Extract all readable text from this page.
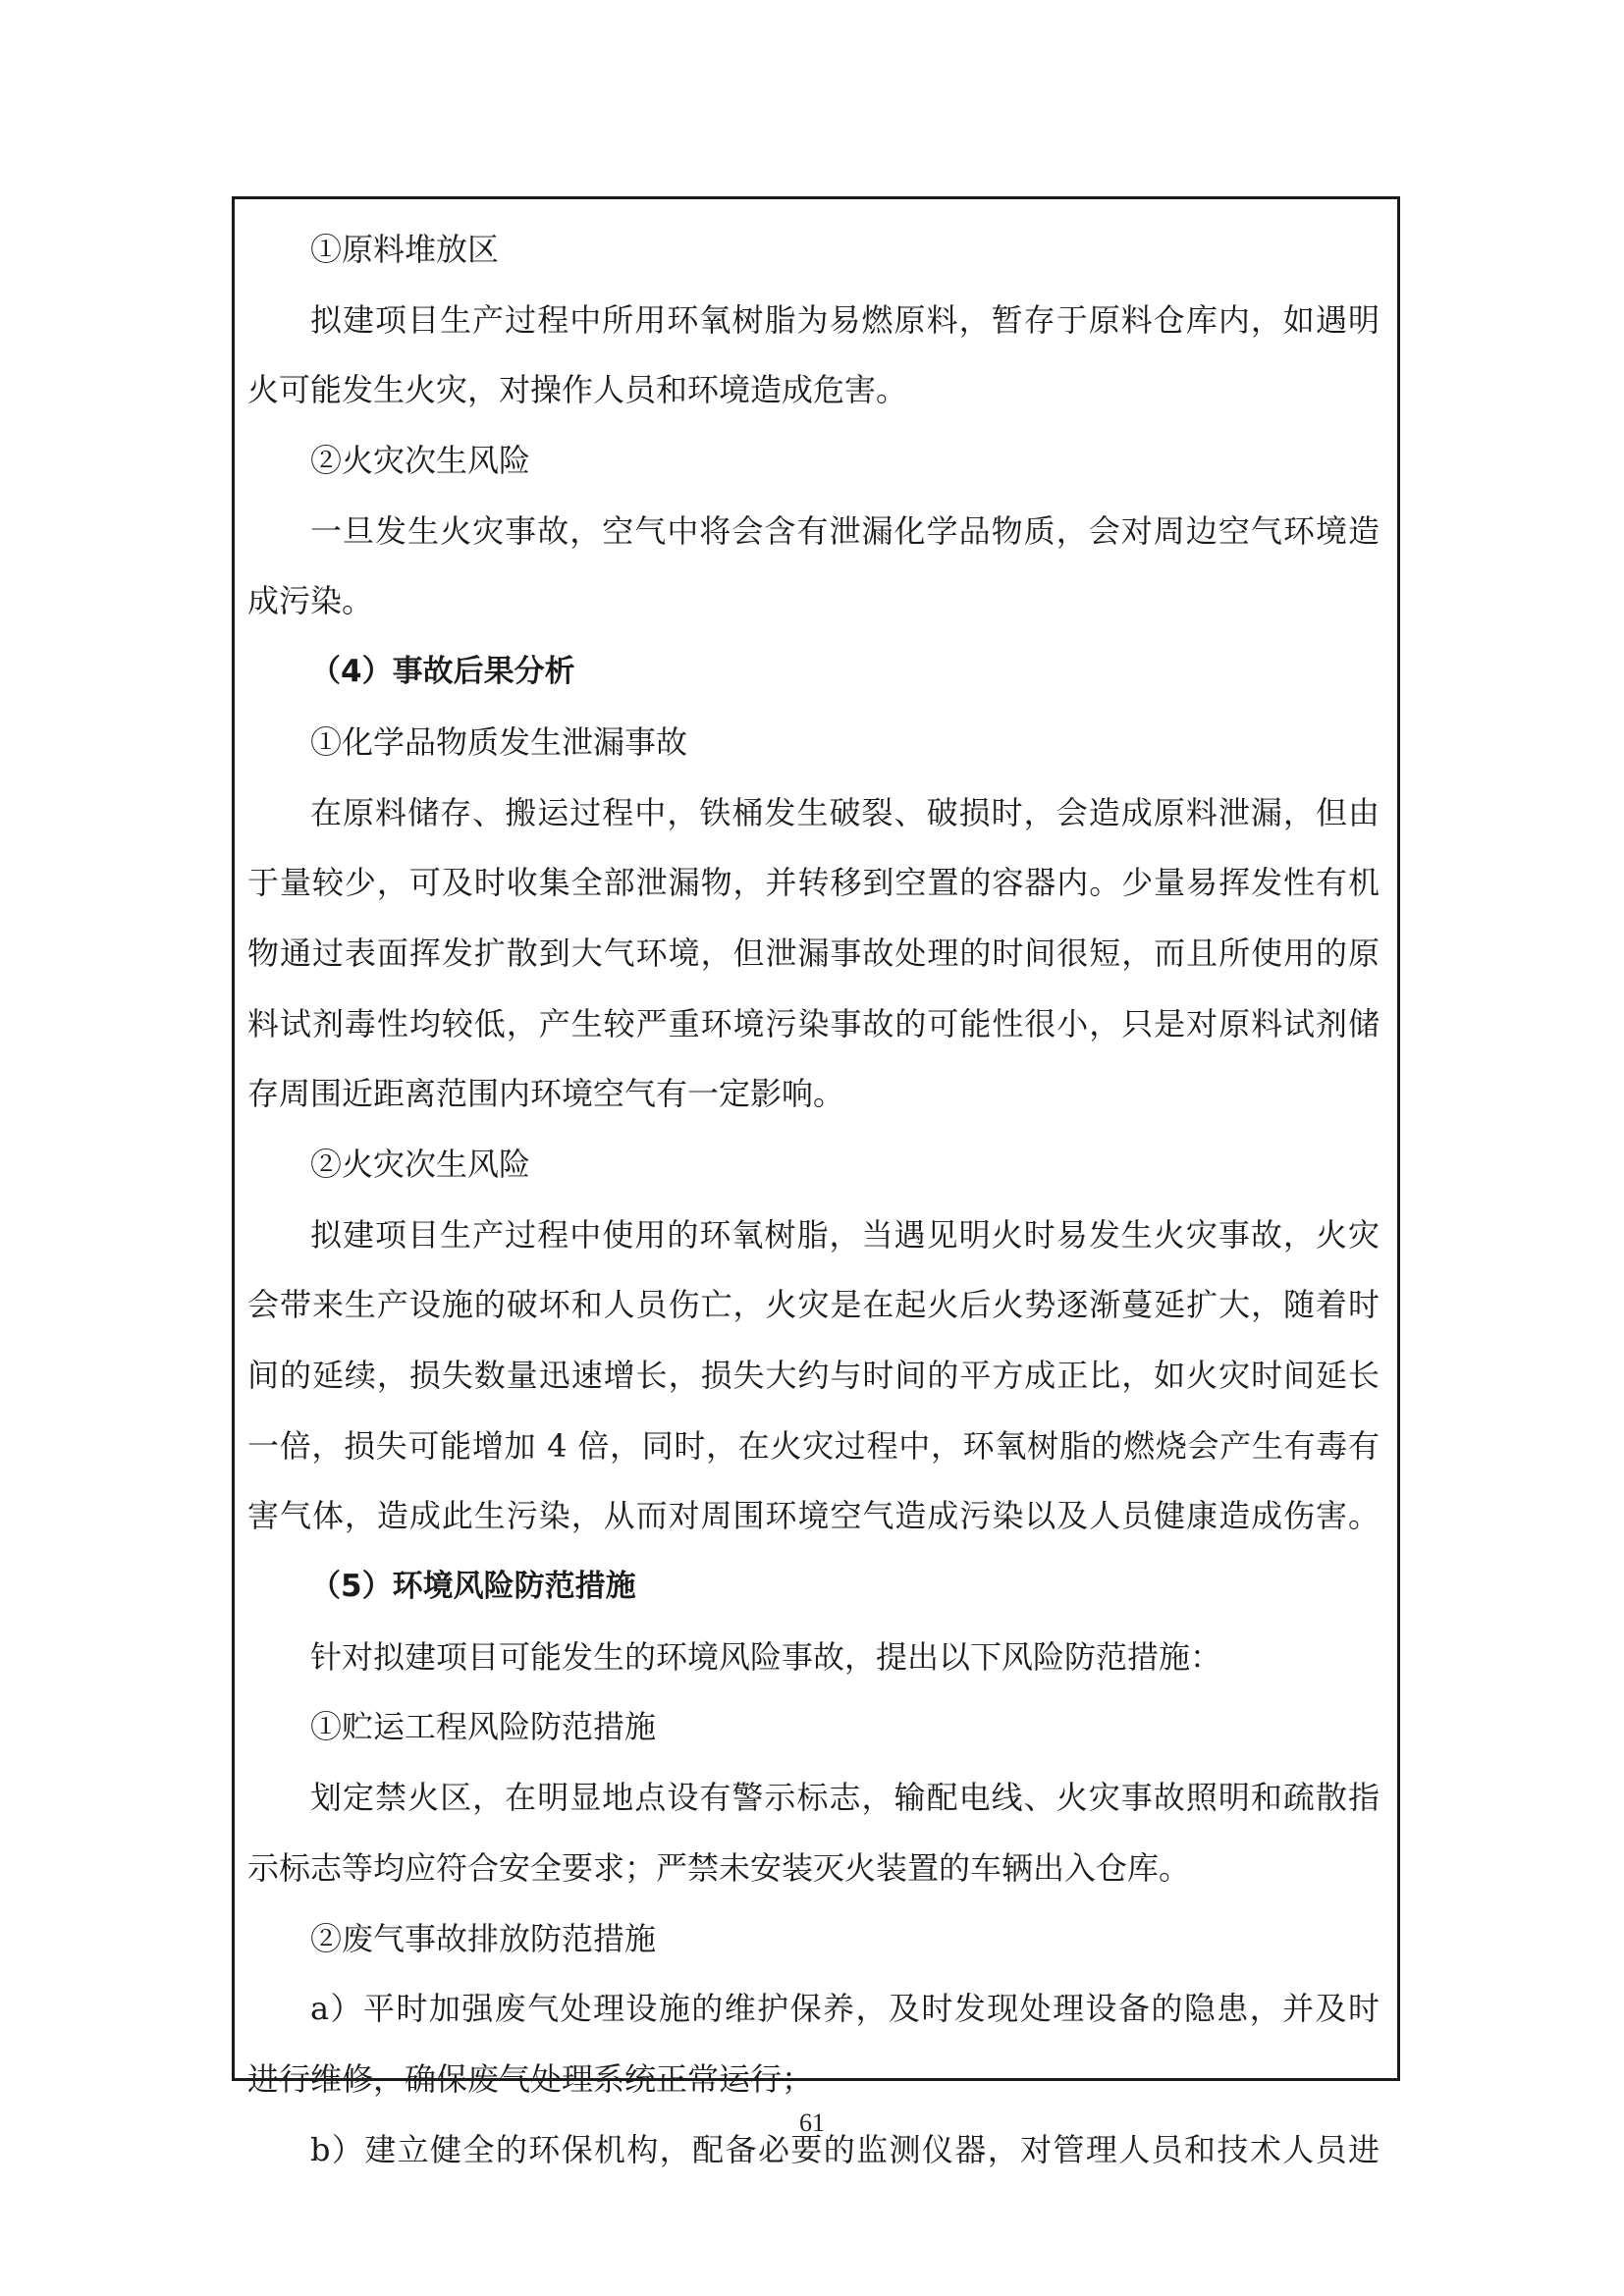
①原料堆放区
拟建项目生产过程中所用环氧树脂为易燃原料，暂存于原料仓库内，如遇明
火可能发生火灾，对操作人员和环境造成危害。
②火灾次生风险
一旦发生火灾事故，空气中将会含有泄漏化学品物质，会对周边空气环境造
成污染。
（4）事故后果分析
①化学品物质发生泄漏事故
在原料储存、搬运过程中，铁桶发生破裂、破损时，会造成原料泄漏，但由
于量较少，可及时收集全部泄漏物，并转移到空置的容器内。少量易挥发性有机
物通过表面挥发扩散到大气环境，但泄漏事故处理的时间很短，而且所使用的原
料试剂毒性均较低，产生较严重环境污染事故的可能性很小，只是对原料试剂储
存周围近距离范围内环境空气有一定影响。
②火灾次生风险
拟建项目生产过程中使用的环氧树脂，当遇见明火时易发生火灾事故，火灾
会带来生产设施的破坏和人员伤亡，火灾是在起火后火势逐渐蔓延扩大，随着时
间的延续，损失数量迅速增长，损失大约与时间的平方成正比，如火灾时间延长
一倍，损失可能增加 4 倍，同时，在火灾过程中，环氧树脂的燃烧会产生有毒有
害气体，造成此生污染，从而对周围环境空气造成污染以及人员健康造成伤害。
（5）环境风险防范措施
针对拟建项目可能发生的环境风险事故，提出以下风险防范措施：
①贮运工程风险防范措施
划定禁火区，在明显地点设有警示标志，输配电线、火灾事故照明和疏散指
示标志等均应符合安全要求；严禁未安装灭火装置的车辆出入仓库。
②废气事故排放防范措施
a）平时加强废气处理设施的维护保养，及时发现处理设备的隐患，并及时
进行维修，确保废气处理系统正常运行；
b）建立健全的环保机构，配备必要的监测仪器，对管理人员和技术人员进
61
